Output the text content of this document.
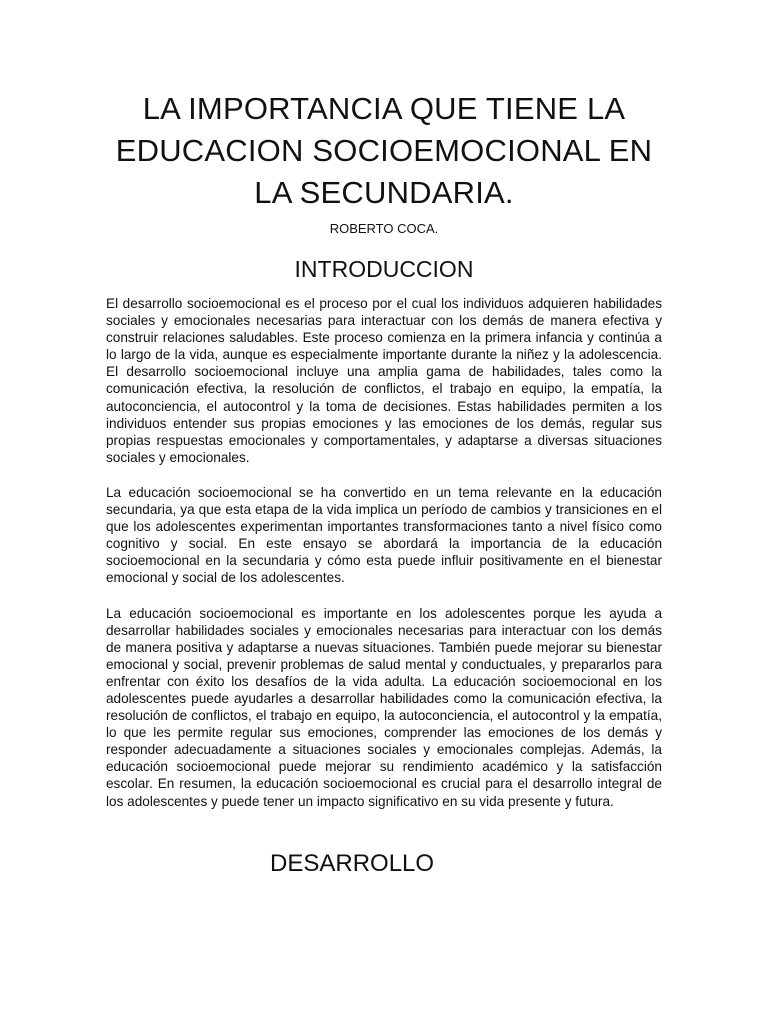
LA IMPORTANCIA QUE TIENE LA
EDUCACION SOCIOEMOCIONAL EN
LA SECUNDARIA.

ROBERTO COCA.

INTRODUCCION

El desarrollo socioemocional es el proceso por el cual los individuos adquieren habilidades sociales y emocionales necesarias para interactuar con los demás de manera efectiva y construir relaciones saludables. Este proceso comienza en la primera infancia y continúa a lo largo de la vida, aunque es especialmente importante durante la niñez y la adolescencia. El desarrollo socioemocional incluye una amplia gama de habilidades, tales como la comunicación efectiva, la resolución de conflictos, el trabajo en equipo, la empatía, la autoconciencia, el autocontrol y la toma de decisiones. Estas habilidades permiten a los individuos entender sus propias emociones y las emociones de los demás, regular sus propias respuestas emocionales y comportamentales, y adaptarse a diversas situaciones sociales y emocionales.

La educación socioemocional se ha convertido en un tema relevante en la educación secundaria, ya que esta etapa de la vida implica un período de cambios y transiciones en el que los adolescentes experimentan importantes transformaciones tanto a nivel físico como cognitivo y social. En este ensayo se abordará la importancia de la educación socioemocional en la secundaria y cómo esta puede influir positivamente en el bienestar emocional y social de los adolescentes.

La educación socioemocional es importante en los adolescentes porque les ayuda a desarrollar habilidades sociales y emocionales necesarias para interactuar con los demás de manera positiva y adaptarse a nuevas situaciones. También puede mejorar su bienestar emocional y social, prevenir problemas de salud mental y conductuales, y prepararlos para enfrentar con éxito los desafíos de la vida adulta. La educación socioemocional en los adolescentes puede ayudarles a desarrollar habilidades como la comunicación efectiva, la resolución de conflictos, el trabajo en equipo, la autoconciencia, el autocontrol y la empatía, lo que les permite regular sus emociones, comprender las emociones de los demás y responder adecuadamente a situaciones sociales y emocionales complejas. Además, la educación socioemocional puede mejorar su rendimiento académico y la satisfacción escolar. En resumen, la educación socioemocional es crucial para el desarrollo integral de los adolescentes y puede tener un impacto significativo en su vida presente y futura.

DESARROLLO
